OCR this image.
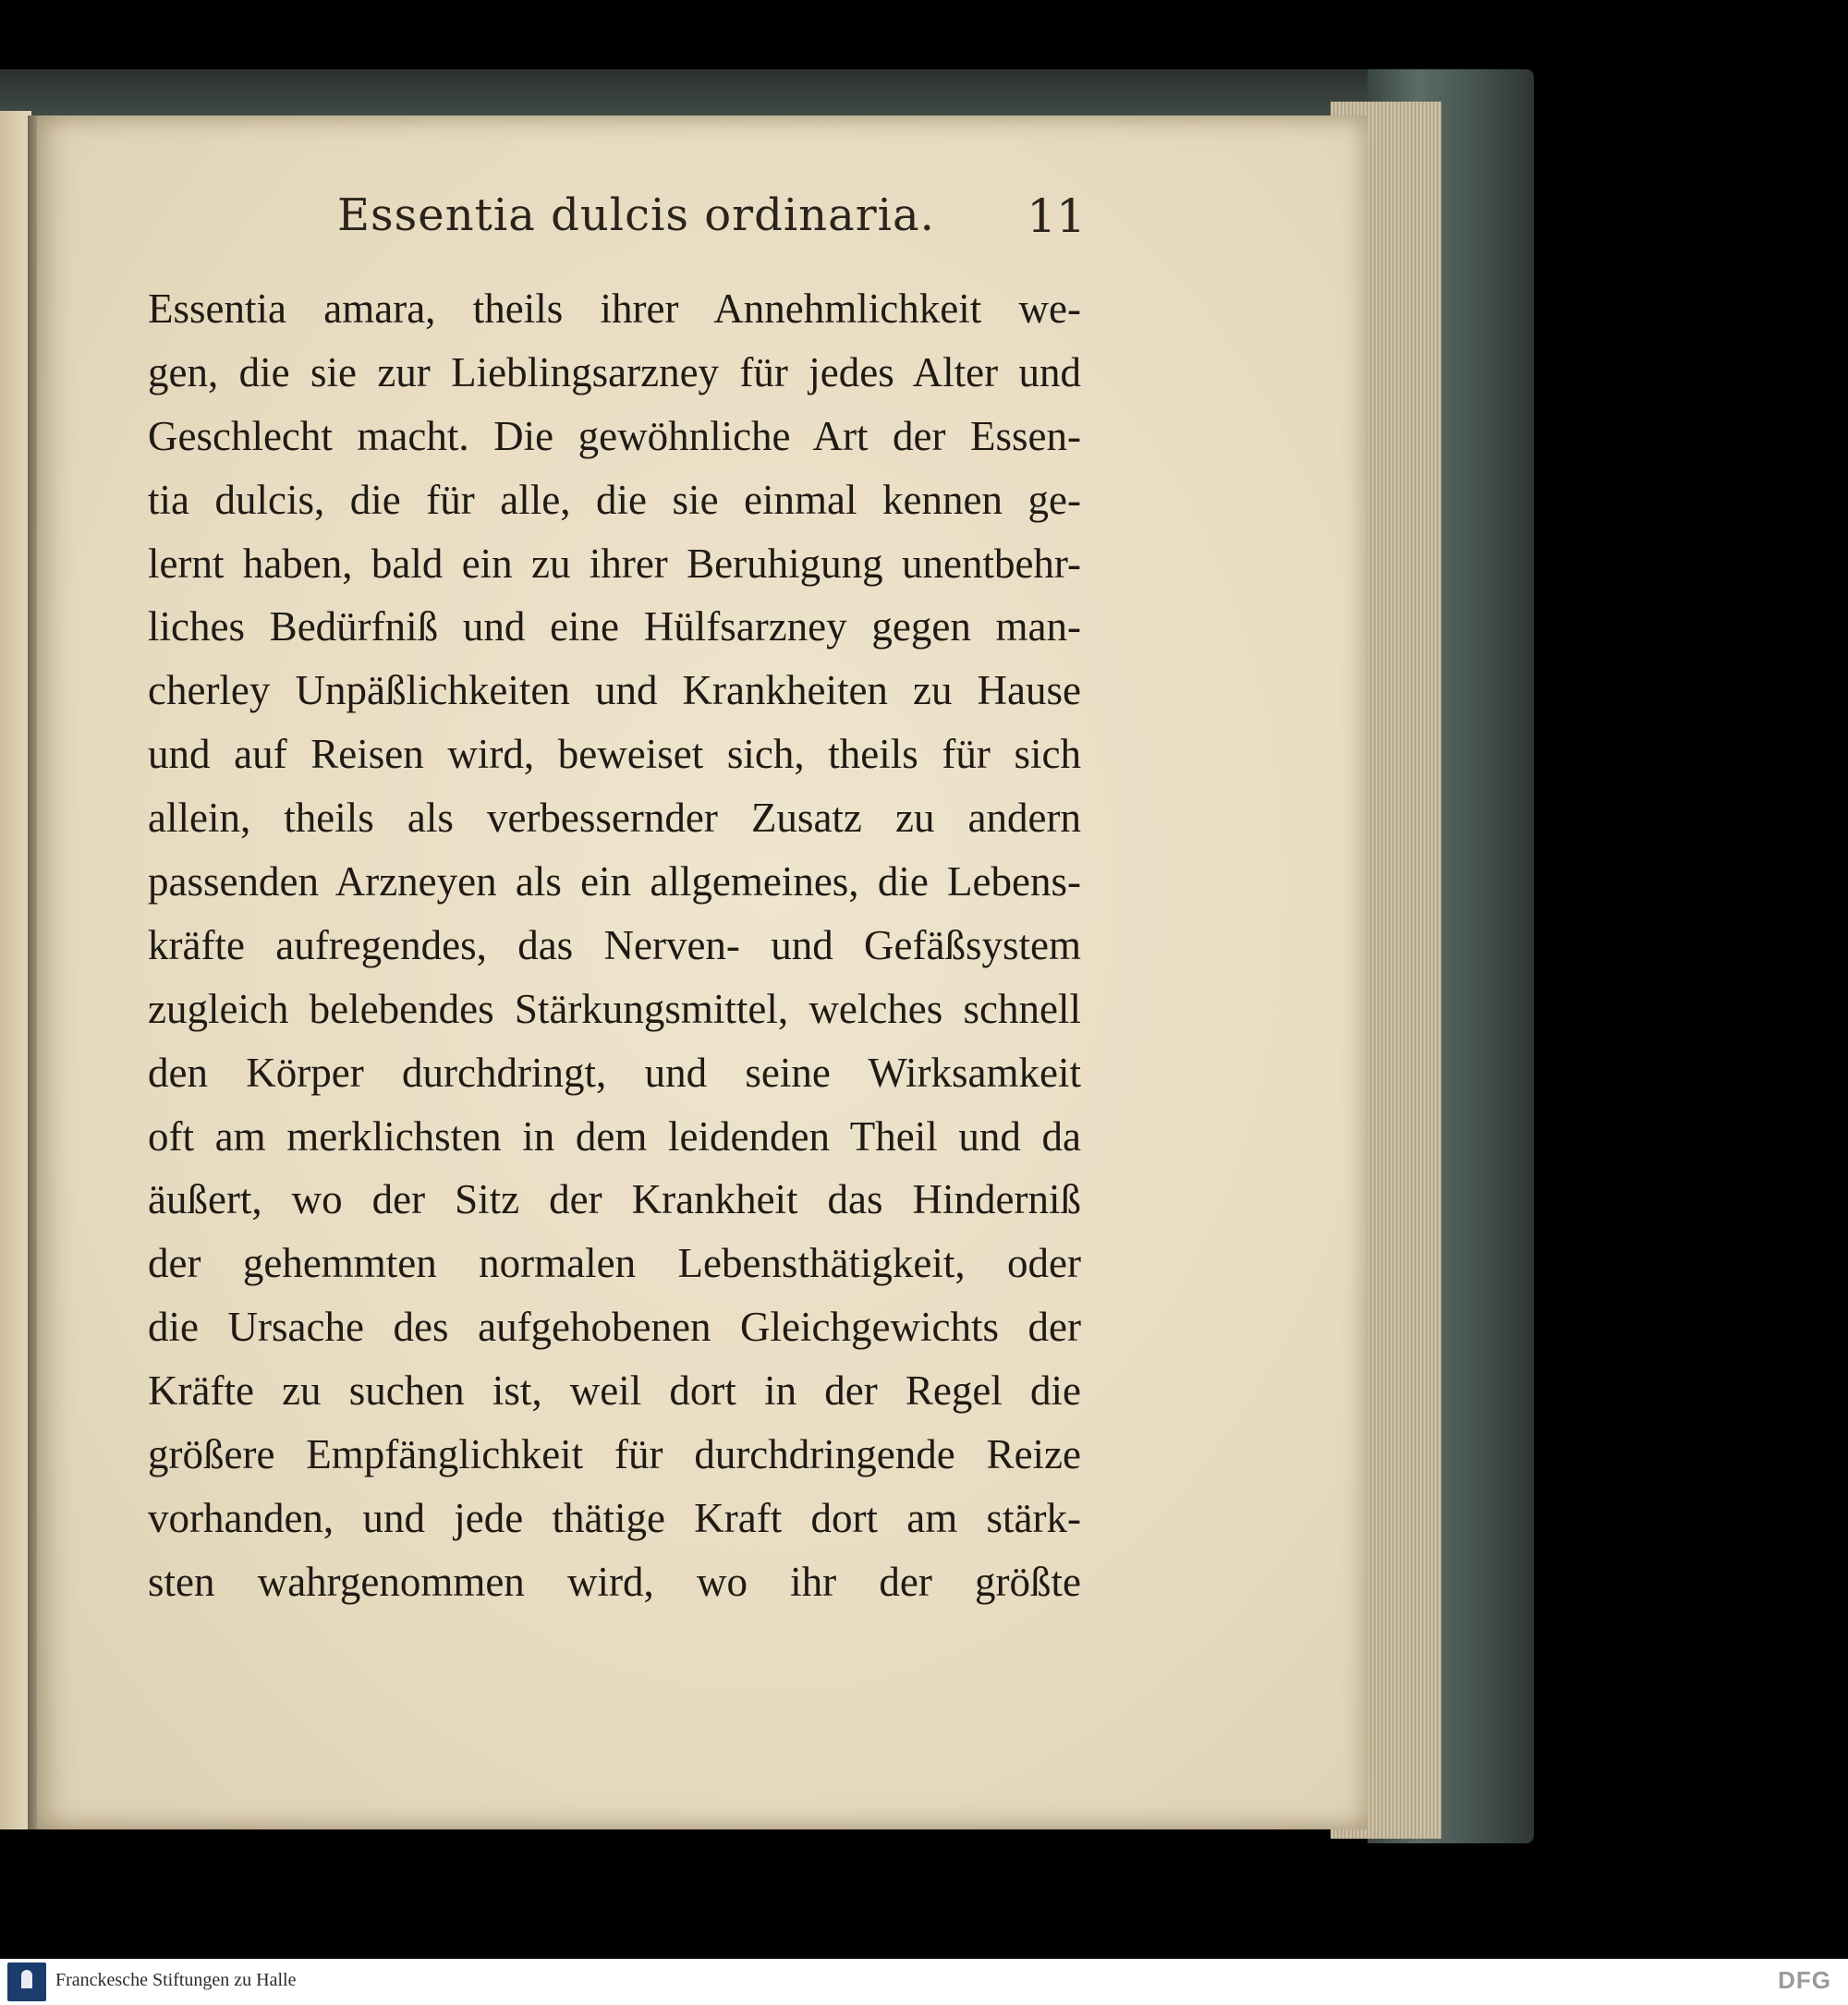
Essentia dulcis ordinaria. 11
Essentia amara, theils ihrer Annehmlichkeit we-
gen, die sie zur Lieblingsarzney für jedes Alter und
Geschlecht macht. Die gewöhnliche Art der Essen-
tia dulcis, die für alle, die sie einmal kennen ge-
lernt haben, bald ein zu ihrer Beruhigung unentbehr-
liches Bedürfniß und eine Hülfsarzney gegen man-
cherley Unpäßlichkeiten und Krankheiten zu Hause
und auf Reisen wird, beweiset sich, theils für sich
allein, theils als verbessernder Zusatz zu andern
passenden Arzneyen als ein allgemeines, die Lebens-
kräfte aufregendes, das Nerven- und Gefäßsystem
zugleich belebendes Stärkungsmittel, welches schnell
den Körper durchdringt, und seine Wirksamkeit
oft am merklichsten in dem leidenden Theil und da
äußert, wo der Sitz der Krankheit das Hinderniß
der gehemmten normalen Lebensthätigkeit, oder
die Ursache des aufgehobenen Gleichgewichts der
Kräfte zu suchen ist, weil dort in der Regel die
größere Empfänglichkeit für durchdringende Reize
vorhanden, und jede thätige Kraft dort am stärk-
sten wahrgenommen wird, wo ihr der größte
Franckesche Stiftungen zu Halle	DFG
